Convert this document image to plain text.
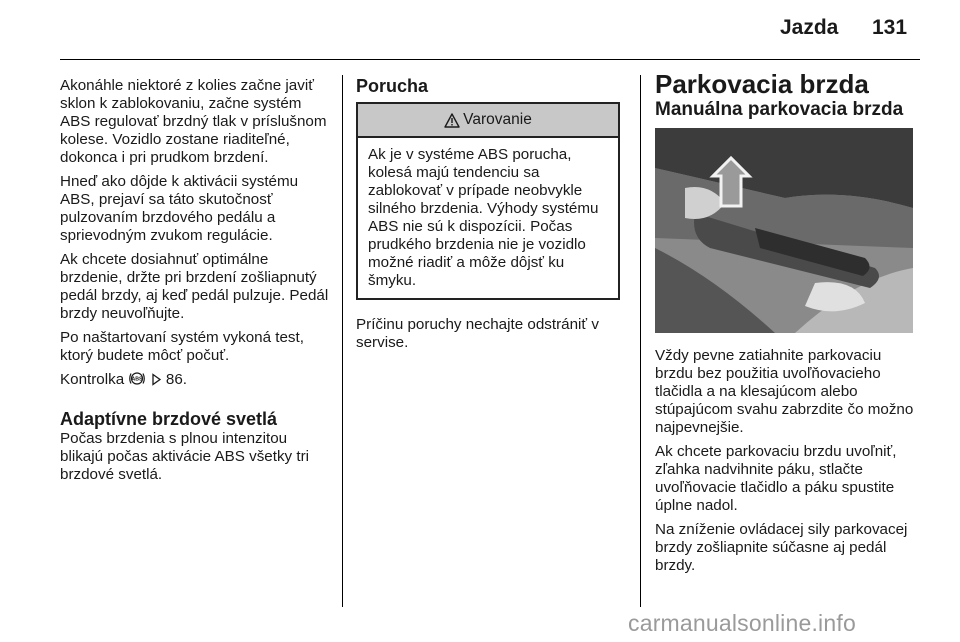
Jazda 131

Akonáhle niektoré z kolies začne javiť sklon k zablokovaniu, začne systém ABS regulovať brzdný tlak v príslušnom kolese. Vozidlo zostane riaditeľné, dokonca i pri prudkom brzdení.

Hneď ako dôjde k aktivácii systému ABS, prejaví sa táto skutočnosť pulzovaním brzdového pedálu a sprievodným zvukom regulácie.

Ak chcete dosiahnuť optimálne brzdenie, držte pri brzdení zošliapnutý pedál brzdy, aj keď pedál pulzuje. Pedál brzdy neuvoľňujte.

Po naštartovaní systém vykoná test, ktorý budete môcť počuť.

Kontrolka ABS 86.

Adaptívne brzdové svetlá

Počas brzdenia s plnou intenzitou blikajú počas aktivácie ABS všetky tri brzdové svetlá.

Porucha
Varovanie
Ak je v systéme ABS porucha, kolesá majú tendenciu sa zablokovať v prípade neobvykle silného brzdenia. Výhody systému ABS nie sú k dispozícii. Počas prudkého brzdenia nie je vozidlo možné riadiť a môže dôjsť ku šmyku.

Príčinu poruchy nechajte odstrániť v servise.

Parkovacia brzda
Manuálna parkovacia brzda

Vždy pevne zatiahnite parkovaciu brzdu bez použitia uvoľňovacieho tlačidla a na klesajúcom alebo stúpajúcom svahu zabrzdite čo možno najpevnejšie.

Ak chcete parkovaciu brzdu uvoľniť, zľahka nadvihnite páku, stlačte uvoľňovacie tlačidlo a páku spustite úplne nadol.

Na zníženie ovládacej sily parkovacej brzdy zošliapnite súčasne aj pedál brzdy.

carmanualsonline.info
